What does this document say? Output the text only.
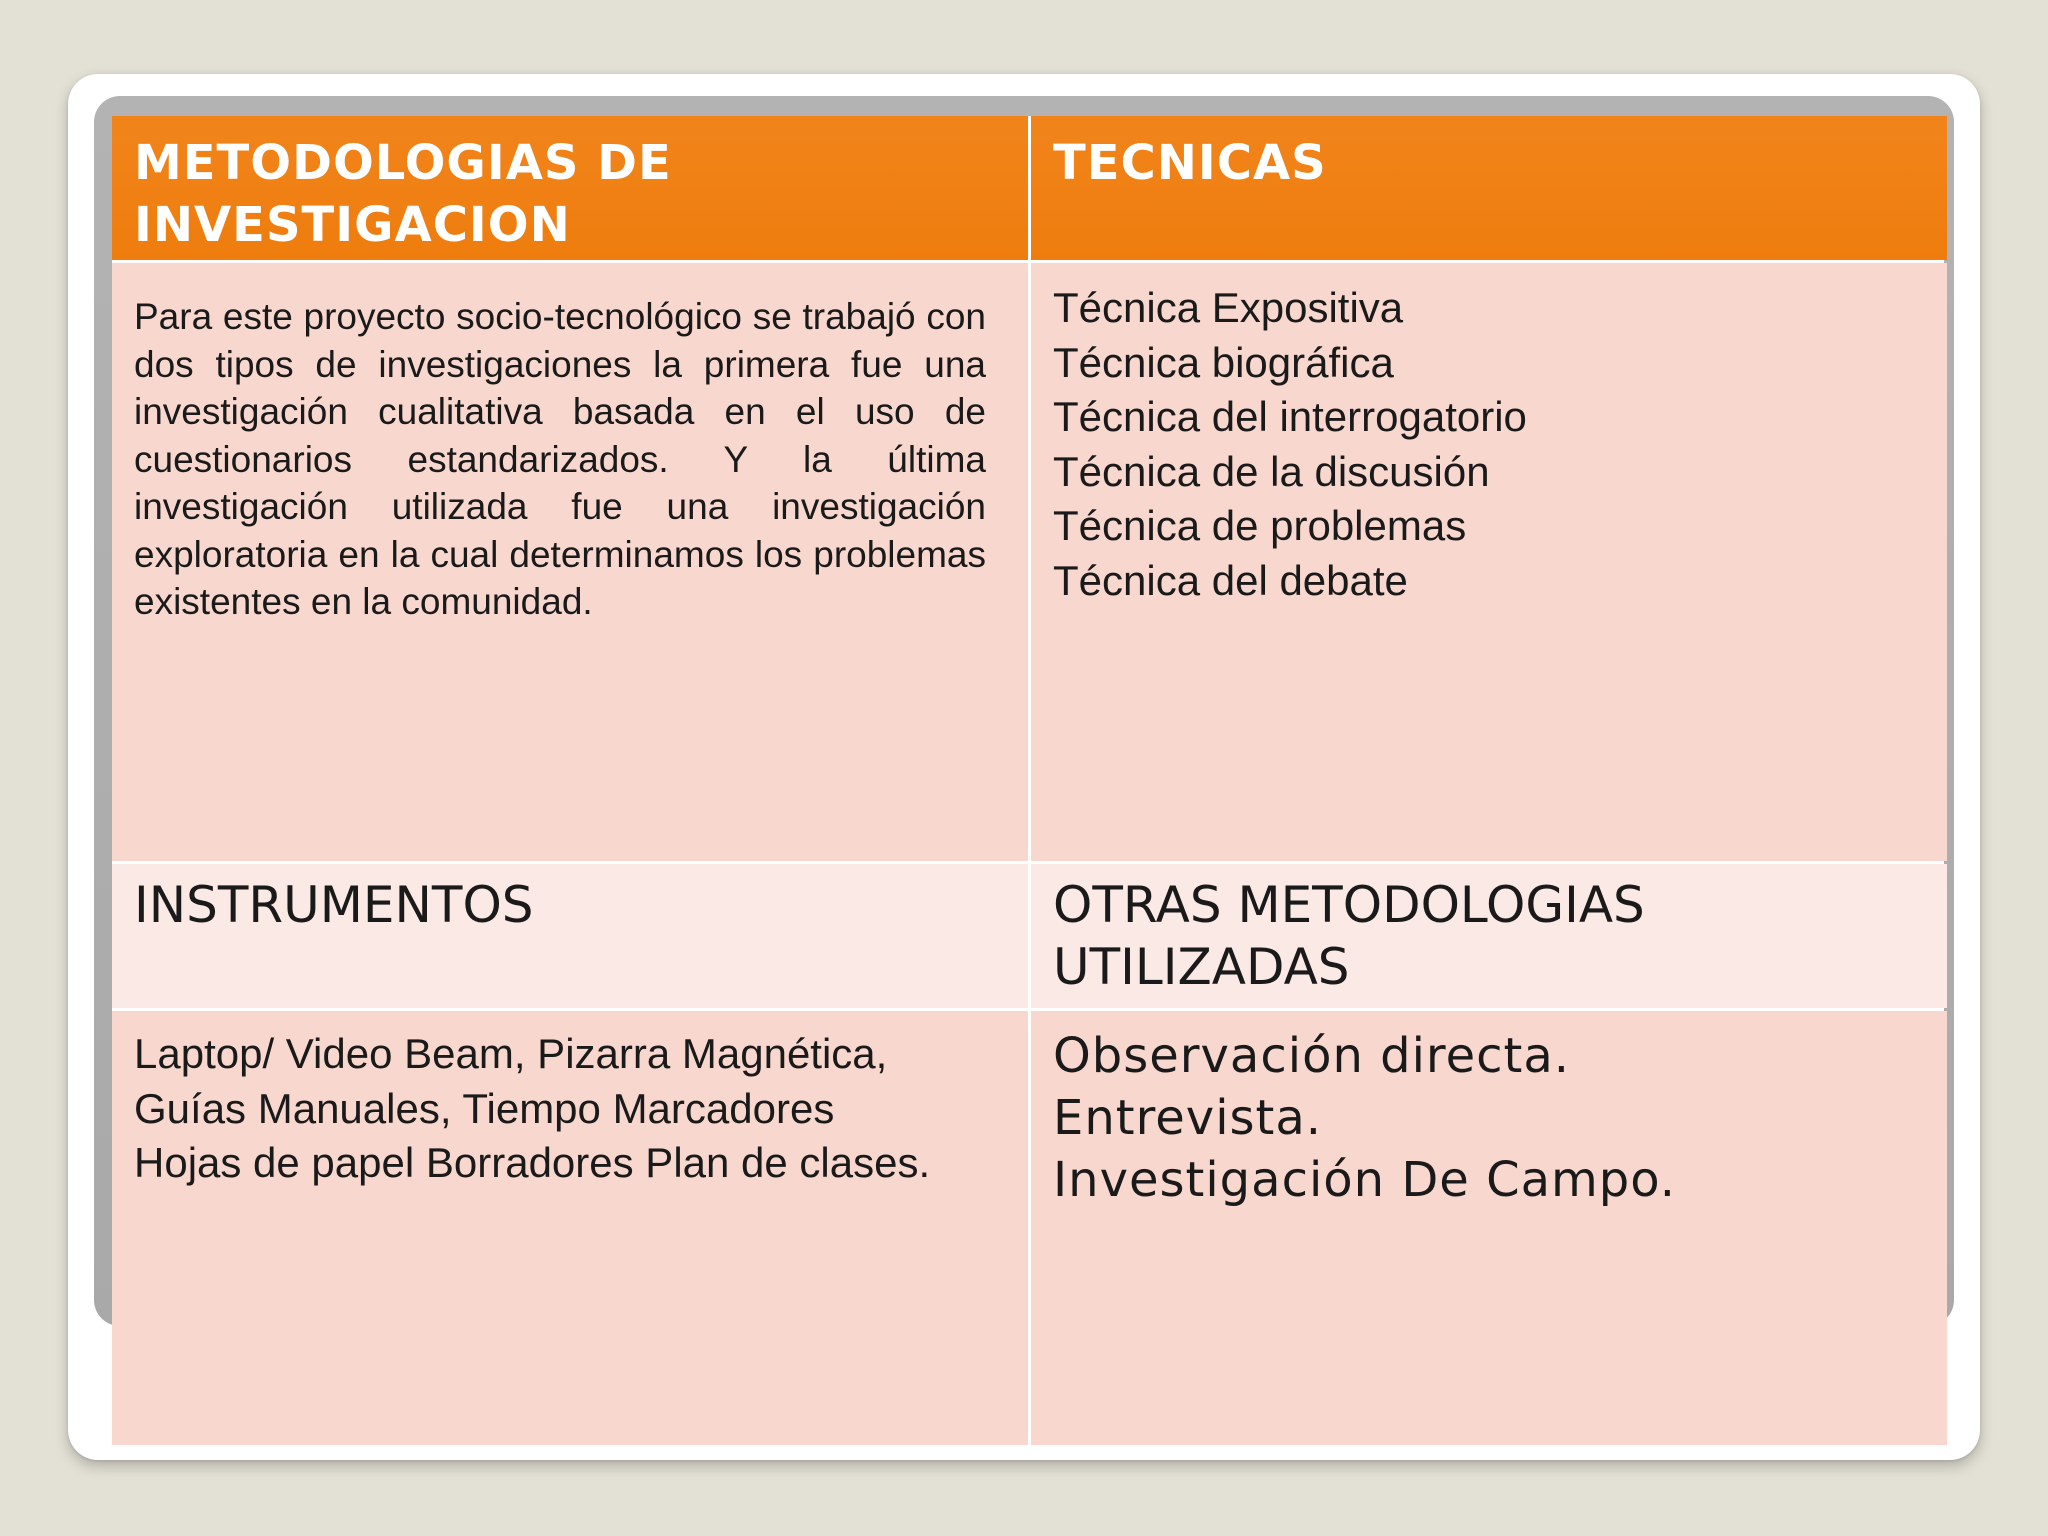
METODOLOGIAS DE INVESTIGACION
TECNICAS
Para este proyecto socio-tecnológico se trabajó con dos tipos de investigaciones la primera fue una investigación cualitativa basada en el uso de cuestionarios estandarizados. Y la última investigación utilizada fue una investigación exploratoria en la cual determinamos los problemas existentes en la comunidad.
Técnica Expositiva
Técnica biográfica
Técnica del interrogatorio
Técnica de la discusión
Técnica de problemas
Técnica del debate
INSTRUMENTOS	OTRAS METODOLOGIAS UTILIZADAS
Laptop/ Video Beam, Pizarra Magnética,
Guías Manuales, Tiempo Marcadores
Hojas de papel Borradores Plan de clases.
Observación directa.
Entrevista.
Investigación De Campo.
